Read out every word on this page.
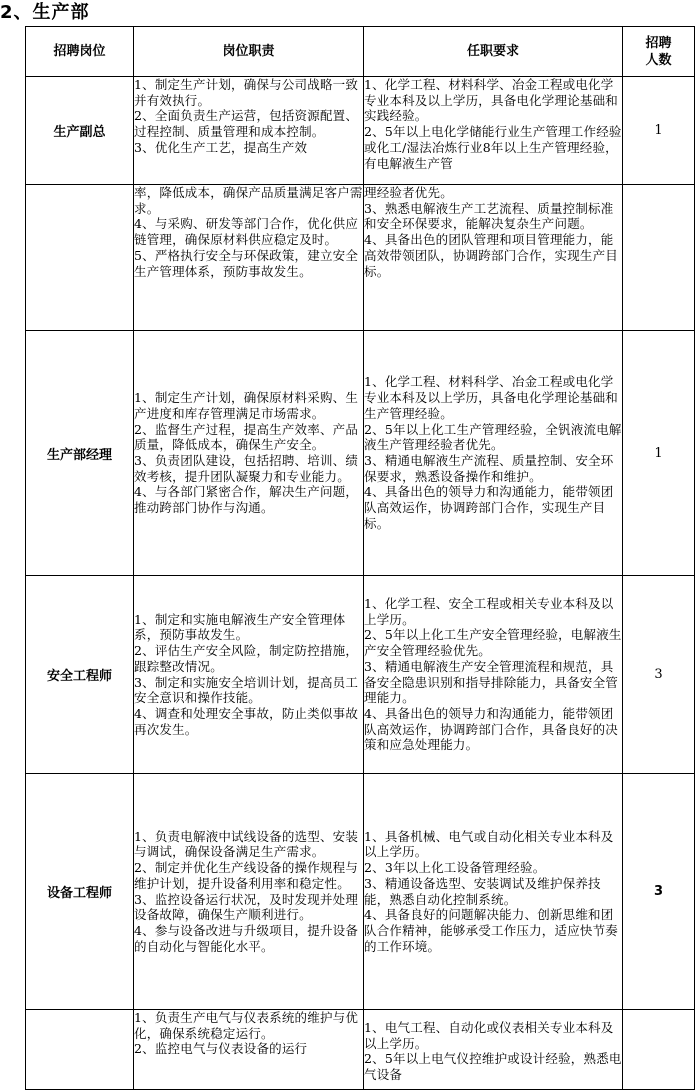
2、生产部
招聘岗位	岗位职责	任职要求	招聘
人数

生产副总	1、制定生产计划，确保与公司战略一致并有效执行。
2、全面负责生产运营，包括资源配置、过程控制、质量管理和成本控制。
3、优化生产工艺，提高生产效	1、化学工程、材料科学、冶金工程或电化学专业本科及以上学历，具备电化学理论基础和实践经验。
2、5年以上电化学储能行业生产管理工作经验或化工/湿法冶炼行业8年以上生产管理经验，有电解液生产管	1

	率，降低成本，确保产品质量满足客户需求。
4、与采购、研发等部门合作，优化供应链管理，确保原材料供应稳定及时。
5、严格执行安全与环保政策，建立安全生产管理体系，预防事故发生。	理经验者优先。
3、熟悉电解液生产工艺流程、质量控制标准和安全环保要求，能解决复杂生产问题。
4、具备出色的团队管理和项目管理能力，能高效带领团队，协调跨部门合作，实现生产目标。	

生产部经理	1、制定生产计划，确保原材料采购、生产进度和库存管理满足市场需求。
2、监督生产过程，提高生产效率、产品质量，降低成本，确保生产安全。
3、负责团队建设，包括招聘、培训、绩效考核，提升团队凝聚力和专业能力。
4、与各部门紧密合作，解决生产问题，推动跨部门协作与沟通。	1、化学工程、材料科学、冶金工程或电化学专业本科及以上学历，具备电化学理论基础和生产管理经验。
2、5年以上化工生产管理经验，全钒液流电解液生产管理经验者优先。
3、精通电解液生产流程、质量控制、安全环保要求，熟悉设备操作和维护。
4、具备出色的领导力和沟通能力，能带领团队高效运作，协调跨部门合作，实现生产目标。	1
安全工程师	1、制定和实施电解液生产安全管理体系，预防事故发生。
2、评估生产安全风险，制定防控措施，跟踪整改情况。
3、制定和实施安全培训计划，提高员工安全意识和操作技能。
4、调查和处理安全事故，防止类似事故再次发生。	1、化学工程、安全工程或相关专业本科及以上学历。
2、5年以上化工生产安全管理经验，电解液生产安全管理经验优先。
3、精通电解液生产安全管理流程和规范，具备安全隐患识别和指导排除能力，具备安全管理能力。
4、具备出色的领导力和沟通能力，能带领团队高效运作，协调跨部门合作，具备良好的决策和应急处理能力。	3
设备工程师	1、负责电解液中试线设备的选型、安装与调试，确保设备满足生产需求。
2、制定并优化生产线设备的操作规程与维护计划，提升设备利用率和稳定性。
3、监控设备运行状况，及时发现并处理设备故障，确保生产顺利进行。
4、参与设备改进与升级项目，提升设备的自动化与智能化水平。	1、具备机械、电气或自动化相关专业本科及以上学历。
2、3年以上化工设备管理经验。
3、精通设备选型、安装调试及维护保养技能，熟悉自动化控制系统。
4、具备良好的问题解决能力、创新思维和团队合作精神，能够承受工作压力，适应快节奏的工作环境。	3

	1、负责生产电气与仪表系统的维护与优化，确保系统稳定运行。
2、监控电气与仪表设备的运行	1、电气工程、自动化或仪表相关专业本科及以上学历。
2、5年以上电气仪控维护或设计经验，熟悉电气设备	
